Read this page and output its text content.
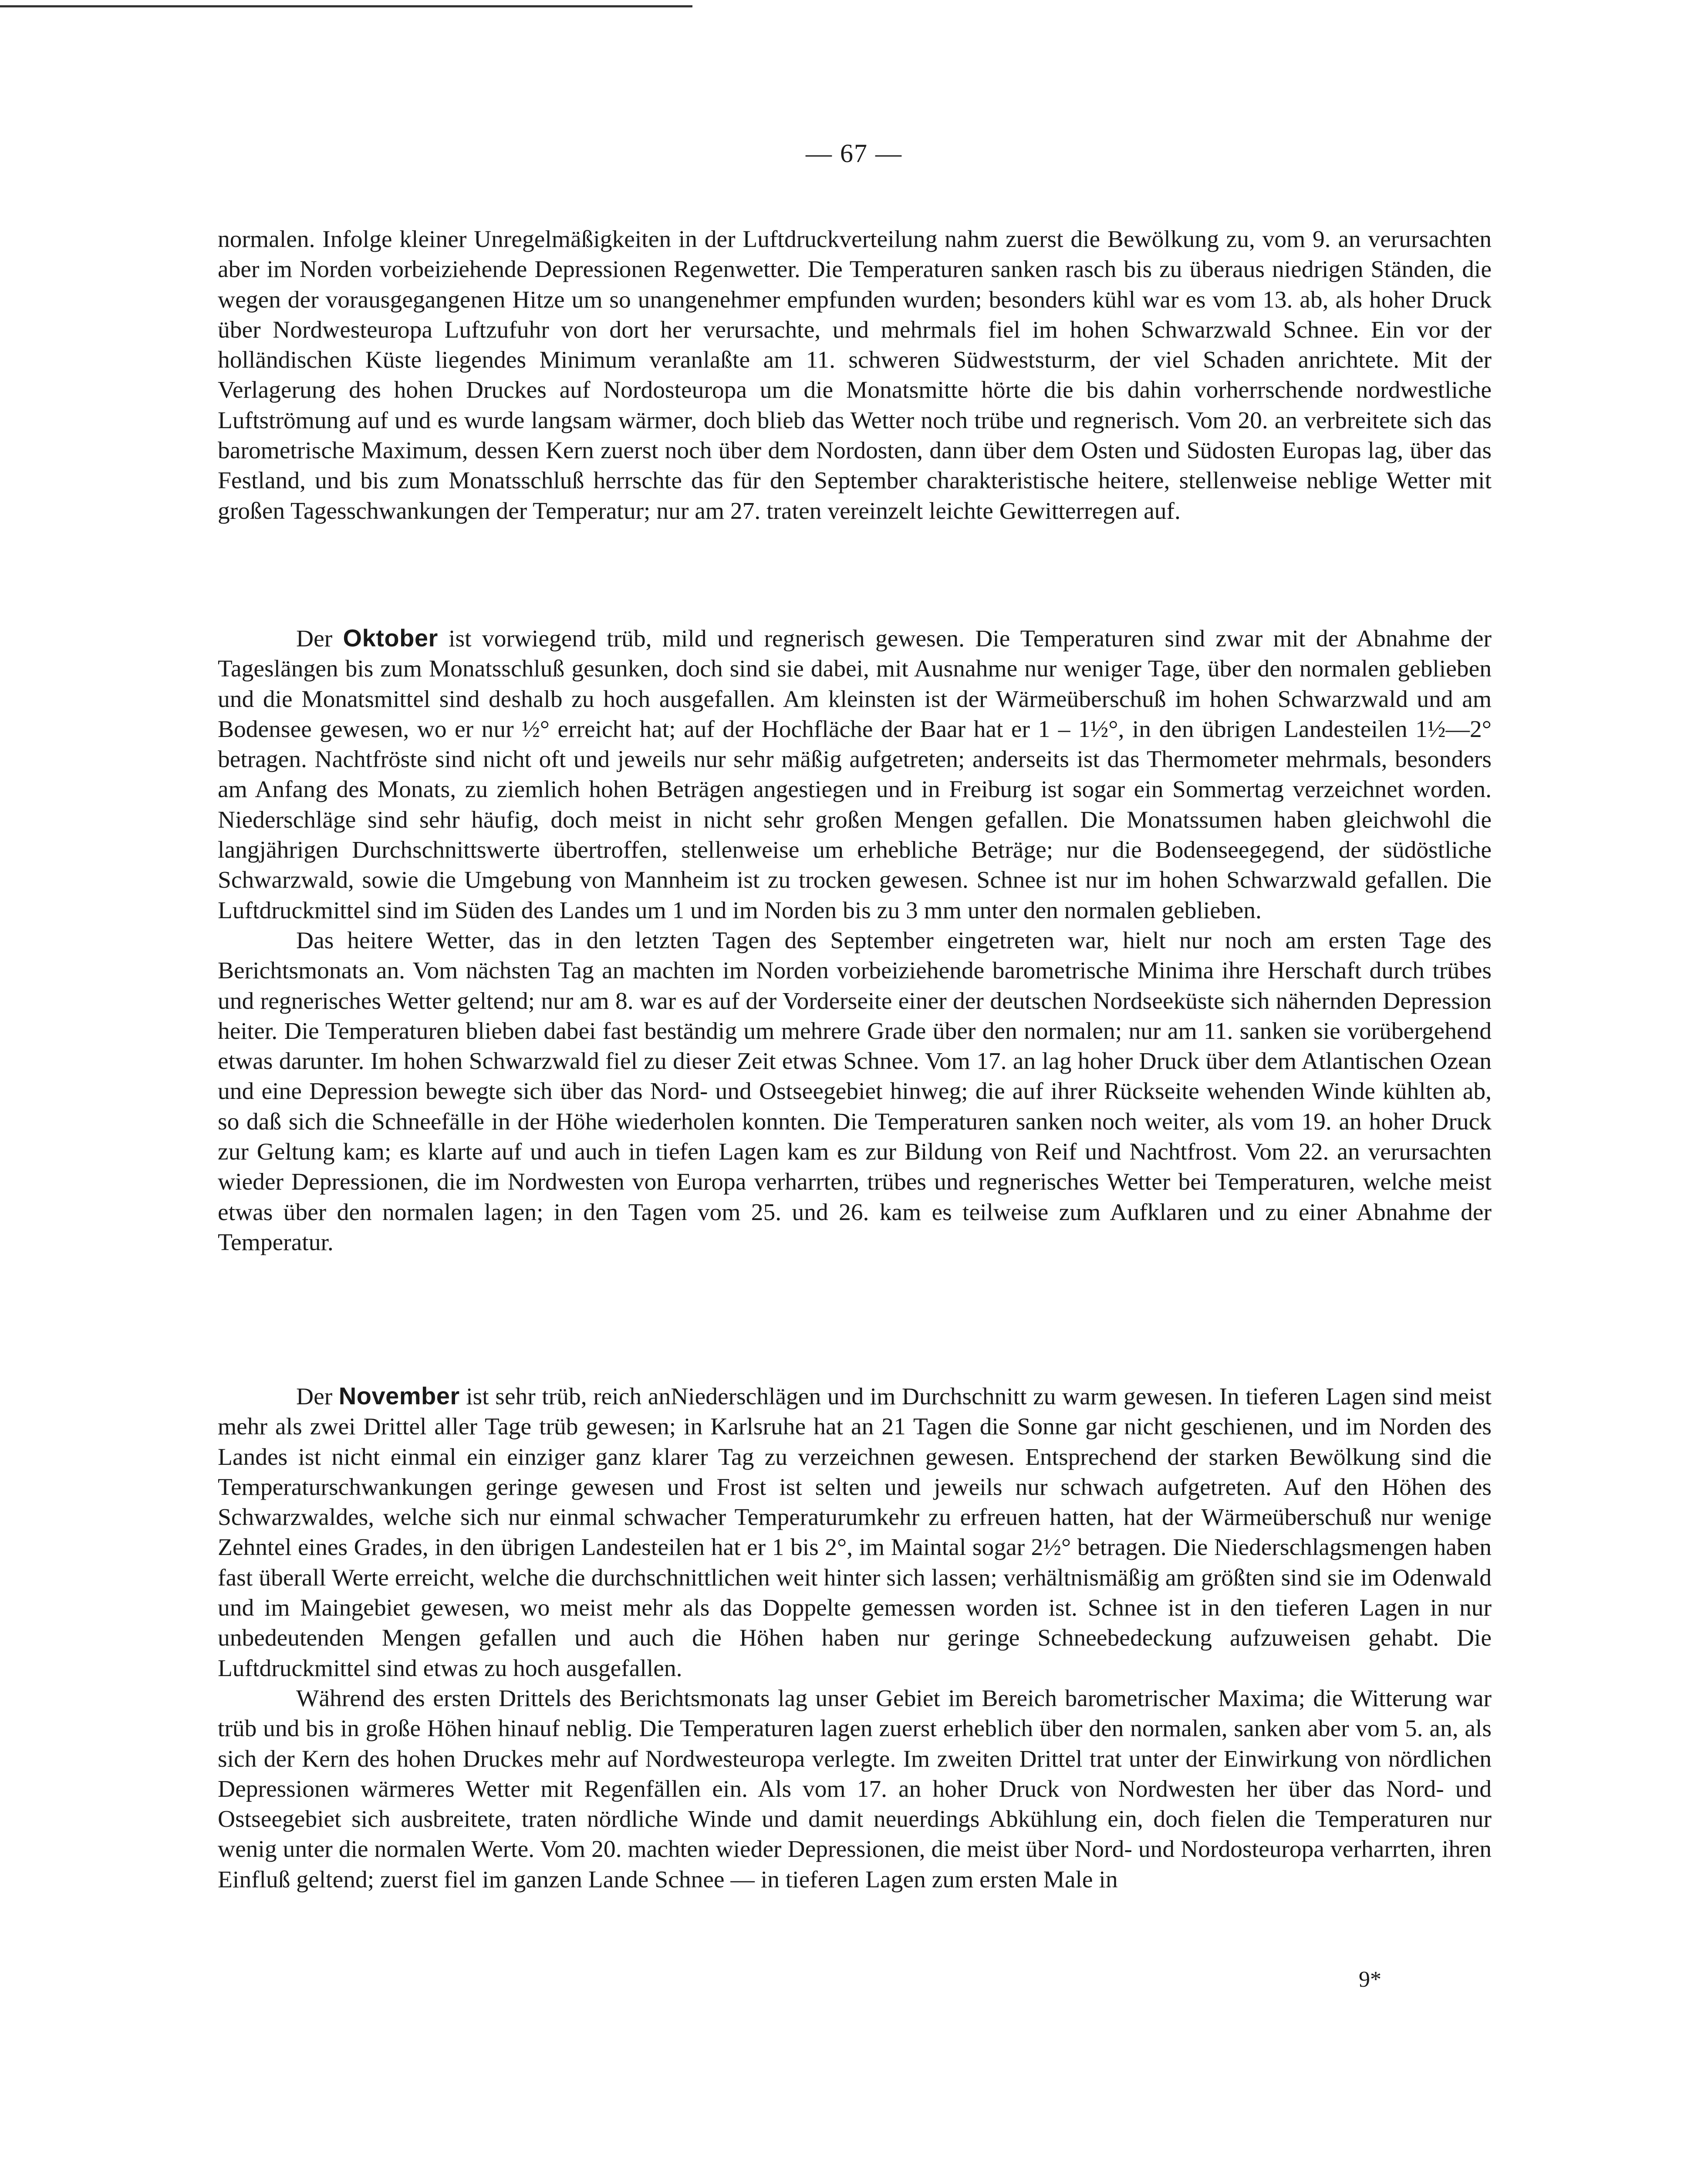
— 67 —

normalen. Infolge kleiner Unregelmäßigkeiten in der Luftdruckverteilung nahm zuerst die Bewölkung zu, vom 9. an verursachten aber im Norden vorbeiziehende Depressionen Regenwetter. Die Temperaturen sanken rasch bis zu überaus niedrigen Ständen, die wegen der vorausgegangenen Hitze um so unangenehmer empfunden wurden; besonders kühl war es vom 13. ab, als hoher Druck über Nordwesteuropa Luftzufuhr von dort her verursachte, und mehrmals fiel im hohen Schwarzwald Schnee. Ein vor der holländischen Küste liegendes Minimum veranlaßte am 11. schweren Südweststurm, der viel Schaden anrichtete. Mit der Verlagerung des hohen Druckes auf Nordosteuropa um die Monatsmitte hörte die bis dahin vorherrschende nordwestliche Luftströmung auf und es wurde langsam wärmer, doch blieb das Wetter noch trübe und regnerisch. Vom 20. an verbreitete sich das barometrische Maximum, dessen Kern zuerst noch über dem Nordosten, dann über dem Osten und Südosten Europas lag, über das Festland, und bis zum Monatsschluß herrschte das für den September charakteristische heitere, stellenweise neblige Wetter mit großen Tagesschwankungen der Temperatur; nur am 27. traten vereinzelt leichte Gewitterregen auf.

Der Oktober ist vorwiegend trüb, mild und regnerisch gewesen. Die Temperaturen sind zwar mit der Abnahme der Tageslängen bis zum Monatsschluß gesunken, doch sind sie dabei, mit Ausnahme nur weniger Tage, über den normalen geblieben und die Monatsmittel sind deshalb zu hoch ausgefallen. Am kleinsten ist der Wärmeüberschuß im hohen Schwarzwald und am Bodensee gewesen, wo er nur ½° erreicht hat; auf der Hochfläche der Baar hat er 1 – 1½°, in den übrigen Landesteilen 1½—2° betragen. Nachtfröste sind nicht oft und jeweils nur sehr mäßig aufgetreten; anderseits ist das Thermometer mehrmals, besonders am Anfang des Monats, zu ziemlich hohen Beträgen angestiegen und in Freiburg ist sogar ein Sommertag verzeichnet worden. Niederschläge sind sehr häufig, doch meist in nicht sehr großen Mengen gefallen. Die Monatssumen haben gleichwohl die langjährigen Durchschnittswerte übertroffen, stellenweise um erhebliche Beträge; nur die Bodenseegegend, der südöstliche Schwarzwald, sowie die Umgebung von Mannheim ist zu trocken gewesen. Schnee ist nur im hohen Schwarzwald gefallen. Die Luftdruckmittel sind im Süden des Landes um 1 und im Norden bis zu 3 mm unter den normalen geblieben.

Das heitere Wetter, das in den letzten Tagen des September eingetreten war, hielt nur noch am ersten Tage des Berichtsmonats an. Vom nächsten Tag an machten im Norden vorbeiziehende barometrische Minima ihre Herschaft durch trübes und regnerisches Wetter geltend; nur am 8. war es auf der Vorderseite einer der deutschen Nordseeküste sich nähernden Depression heiter. Die Temperaturen blieben dabei fast beständig um mehrere Grade über den normalen; nur am 11. sanken sie vorübergehend etwas darunter. Im hohen Schwarzwald fiel zu dieser Zeit etwas Schnee. Vom 17. an lag hoher Druck über dem Atlantischen Ozean und eine Depression bewegte sich über das Nord- und Ostseegebiet hinweg; die auf ihrer Rückseite wehenden Winde kühlten ab, so daß sich die Schneefälle in der Höhe wiederholen konnten. Die Temperaturen sanken noch weiter, als vom 19. an hoher Druck zur Geltung kam; es klarte auf und auch in tiefen Lagen kam es zur Bildung von Reif und Nachtfrost. Vom 22. an verursachten wieder Depressionen, die im Nordwesten von Europa verharrten, trübes und regnerisches Wetter bei Temperaturen, welche meist etwas über den normalen lagen; in den Tagen vom 25. und 26. kam es teilweise zum Aufklaren und zu einer Abnahme der Temperatur.

Der November ist sehr trüb, reich anNiederschlägen und im Durchschnitt zu warm gewesen. In tieferen Lagen sind meist mehr als zwei Drittel aller Tage trüb gewesen; in Karlsruhe hat an 21 Tagen die Sonne gar nicht geschienen, und im Norden des Landes ist nicht einmal ein einziger ganz klarer Tag zu verzeichnen gewesen. Entsprechend der starken Bewölkung sind die Temperaturschwankungen geringe gewesen und Frost ist selten und jeweils nur schwach aufgetreten. Auf den Höhen des Schwarzwaldes, welche sich nur einmal schwacher Temperaturumkehr zu erfreuen hatten, hat der Wärmeüberschuß nur wenige Zehntel eines Grades, in den übrigen Landesteilen hat er 1 bis 2°, im Maintal sogar 2½° betragen. Die Niederschlagsmengen haben fast überall Werte erreicht, welche die durchschnittlichen weit hinter sich lassen; verhältnismäßig am größten sind sie im Odenwald und im Maingebiet gewesen, wo meist mehr als das Doppelte gemessen worden ist. Schnee ist in den tieferen Lagen in nur unbedeutenden Mengen gefallen und auch die Höhen haben nur geringe Schneebedeckung aufzuweisen gehabt. Die Luftdruckmittel sind etwas zu hoch ausgefallen.

Während des ersten Drittels des Berichtsmonats lag unser Gebiet im Bereich barometrischer Maxima; die Witterung war trüb und bis in große Höhen hinauf neblig. Die Temperaturen lagen zuerst erheblich über den normalen, sanken aber vom 5. an, als sich der Kern des hohen Druckes mehr auf Nordwesteuropa verlegte. Im zweiten Drittel trat unter der Einwirkung von nördlichen Depressionen wärmeres Wetter mit Regenfällen ein. Als vom 17. an hoher Druck von Nordwesten her über das Nord- und Ostseegebiet sich ausbreitete, traten nördliche Winde und damit neuerdings Abkühlung ein, doch fielen die Temperaturen nur wenig unter die normalen Werte. Vom 20. machten wieder Depressionen, die meist über Nord- und Nordosteuropa verharrten, ihren Einfluß geltend; zuerst fiel im ganzen Lande Schnee — in tieferen Lagen zum ersten Male in

9*
